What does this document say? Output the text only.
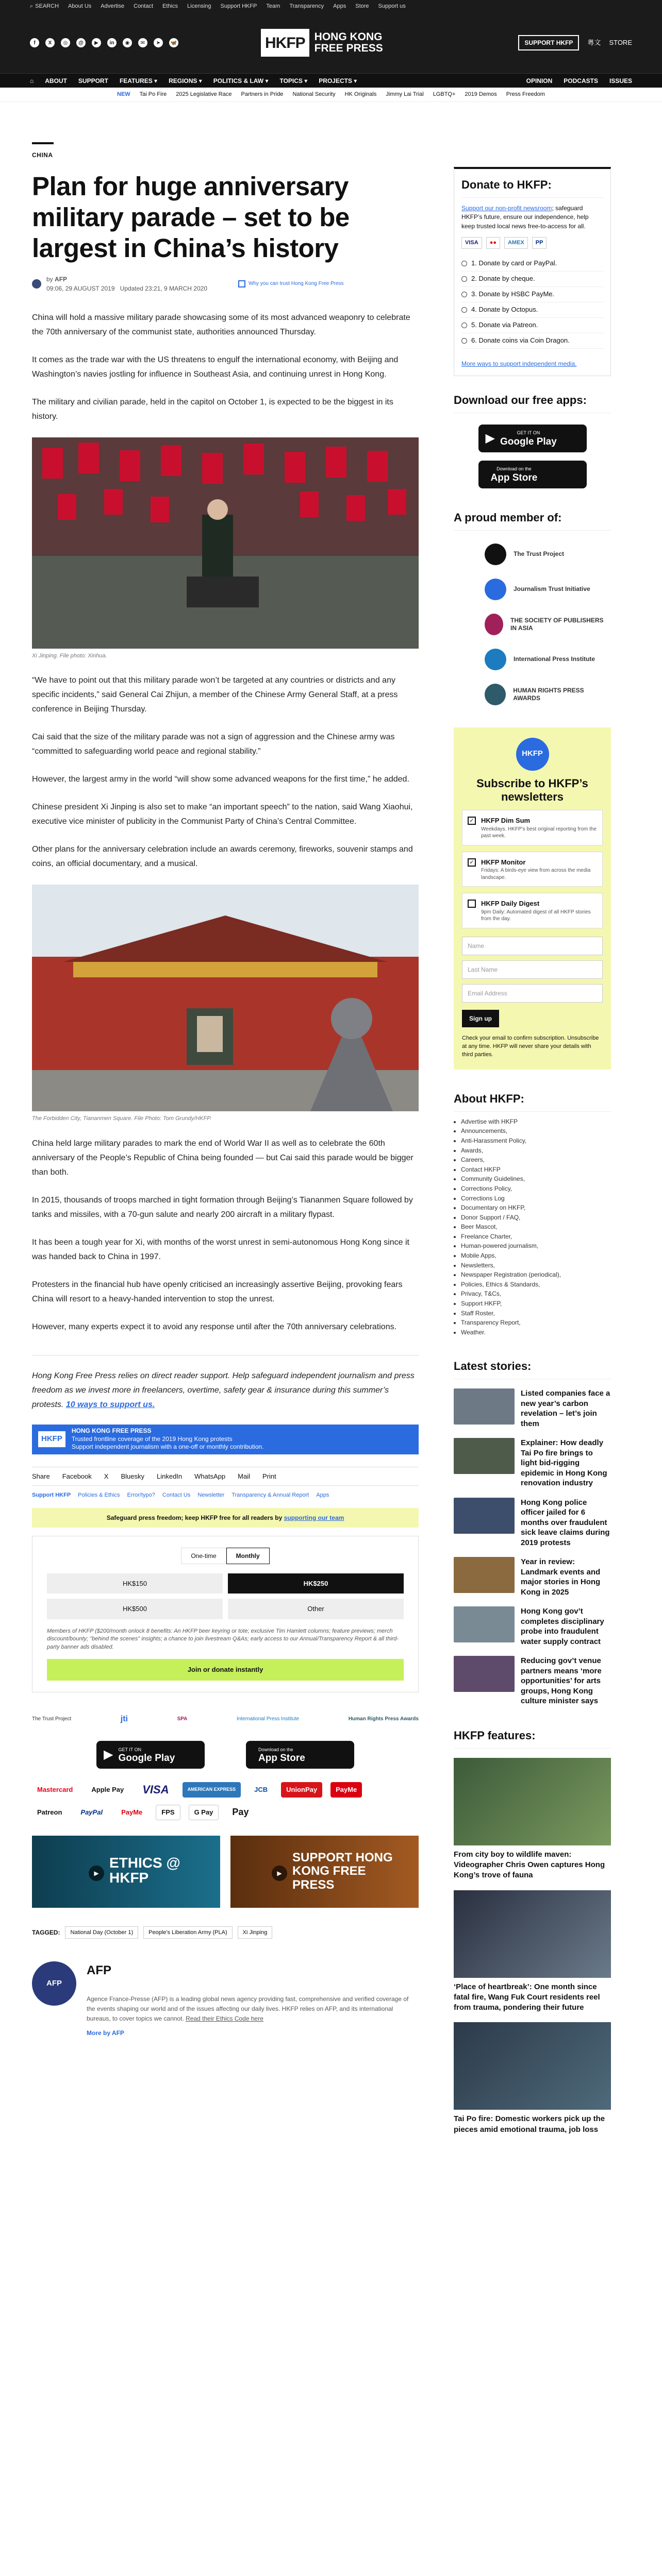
⌕ SEARCH About Us Advertise Contact Ethics Licensing Support HKFP Team Transparency Apps Store Support us
f	X	◎	@	▶	in	◉	✉	➤	🦋	HKFP HONG KONG
FREE PRESS	SUPPORT HKFP	粵文 STORE
⌂ ABOUT SUPPORT FEATURES ▾ REGIONS ▾ POLITICS & LAW ▾ TOPICS ▾ PROJECTS ▾	OPINION PODCASTS ISSUES
NEW Tai Po Fire 2025 Legislative Race Partners in Pride National Security HK Originals Jimmy Lai Trial LGBTQ+ 2019 Demos Press Freedom
CHINA
Plan for huge anniversary military parade – set to be largest in China’s history
by AFP
09:06, 29 AUGUST 2019 Updated 23:21, 9 MARCH 2020
Why you can trust Hong Kong Free Press

China will hold a massive military parade showcasing some of its most advanced weaponry to celebrate the 70th anniversary of the communist state, authorities announced Thursday.

It comes as the trade war with the US threatens to engulf the international economy, with Beijing and Washington’s navies jostling for influence in Southeast Asia, and continuing unrest in Hong Kong.

The military and civilian parade, held in the capitol on October 1, is expected to be the biggest in its history.

Xi Jinping. File photo: Xinhua.

“We have to point out that this military parade won’t be targeted at any countries or districts and any specific incidents,” said General Cai Zhijun, a member of the Chinese Army General Staff, at a press conference in Beijing Thursday.

Cai said that the size of the military parade was not a sign of aggression and the Chinese army was “committed to safeguarding world peace and regional stability.”

However, the largest army in the world “will show some advanced weapons for the first time,” he added.

Chinese president Xi Jinping is also set to make “an important speech” to the nation, said Wang Xiaohui, executive vice minister of publicity in the Communist Party of China’s Central Committee.

Other plans for the anniversary celebration include an awards ceremony, fireworks, souvenir stamps and coins, an official documentary, and a musical.

The Forbidden City, Tiananmen Square. File Photo: Tom Grundy/HKFP.

China held large military parades to mark the end of World War II as well as to celebrate the 60th anniversary of the People’s Republic of China being founded — but Cai said this parade would be bigger than both.

In 2015, thousands of troops marched in tight formation through Beijing’s Tiananmen Square followed by tanks and missiles, with a 70-gun salute and nearly 200 aircraft in a military flypast.

It has been a tough year for Xi, with months of the worst unrest in semi-autonomous Hong Kong since it was handed back to China in 1997.

Protesters in the financial hub have openly criticised an increasingly assertive Beijing, provoking fears China will resort to a heavy-handed intervention to stop the unrest.

However, many experts expect it to avoid any response until after the 70th anniversary celebrations.

Hong Kong Free Press relies on direct reader support. Help safeguard independent journalism and press freedom as we invest more in freelancers, overtime, safety gear & insurance during this summer’s protests. 10 ways to support us.

HKFP
HONG KONG FREE PRESS
Trusted frontline coverage of the 2019 Hong Kong protests
Support independent journalism with a one-off or monthly contribution.
Share Facebook X Bluesky LinkedIn WhatsApp Mail Print
Support HKFP Policies & Ethics Error/typo? Contact Us Newsletter Transparency & Annual Report Apps
Safeguard press freedom; keep HKFP free for all readers by supporting our team
One-time	Monthly
HK$150	HK$250
HK$500	Other
Members of HKFP ($200/month onlock 8 benefits: An HKFP beer keyring or tote; exclusive Tim Hamlett columns; feature previews; merch discount/bounty; "behind the scenes" insights; a chance to join livestream Q&As; early access to our Annual/Transparency Report & all third-party banner ads disabled.
Join or donate instantly
The Trust Project	jti	SPA	International Press Institute	Human Rights Press Awards
▶ GET IT ON
Google Play
Download on the
App Store
Mastercard	Apple Pay	VISA	AMERICAN EXPRESS	JCB	UnionPay	PayMe
Patreon	PayPal	PayMe	FPS	G Pay	Pay
ETHICS @ HKFP
▶
SUPPORT HONG KONG FREE PRESS
▶
TAGGED:	National Day (October 1)	People's Liberation Army (PLA)	Xi Jinping
AFP
AFP
Agence France-Presse (AFP) is a leading global news agency providing fast, comprehensive and verified coverage of the events shaping our world and of the issues affecting our daily lives. HKFP relies on AFP, and its international bureaus, to cover topics we cannot. Read their Ethics Code here
More by AFP
Donate to HKFP:
Support our non-profit newsroom; safeguard HKFP’s future, ensure our independence, help keep trusted local news free-to-access for all.
VISA	●●	AMEX	PP
1. Donate by card or PayPal.
2. Donate by cheque.
3. Donate by HSBC PayMe.
4. Donate by Octopus.
5. Donate via Patreon.
6. Donate coins via Coin Dragon.
More ways to support independent media.
Download our free apps:
▶	GET IT ON
Google Play
Download on the
App Store
A proud member of:
The Trust Project
Journalism Trust Initiative
THE SOCIETY OF PUBLISHERS IN ASIA
International Press Institute
HUMAN RIGHTS PRESS AWARDS
HKFP
Subscribe to HKFP’s newsletters
✓ HKFP Dim Sum
Weekdays. HKFP's best original reporting from the past week.
✓ HKFP Monitor
Fridays: A birds-eye view from across the media landscape.
HKFP Daily Digest
9pm Daily: Automated digest of all HKFP stories from the day.
Name
Last Name
Email Address
Sign up
Check your email to confirm subscription. Unsubscribe at any time. HKFP will never share your details with third parties.
About HKFP:
• Advertise with HKFP
• Announcements,
• Anti-Harassment Policy,
• Awards,
• Careers,
• Contact HKFP
• Community Guidelines,
• Corrections Policy,
• Corrections Log
• Documentary on HKFP,
• Donor Support / FAQ,
• Beer Mascot,
• Freelance Charter,
• Human-powered journalism,
• Mobile Apps,
• Newsletters,
• Newspaper Registration (periodical),
• Policies, Ethics & Standards,
• Privacy, T&Cs,
• Support HKFP,
• Staff Roster,
• Transparency Report,
• Weather.
Latest stories:
Listed companies face a new year’s carbon revelation – let’s join them
Explainer: How deadly Tai Po fire brings to light bid-rigging epidemic in Hong Kong renovation industry
Hong Kong police officer jailed for 6 months over fraudulent sick leave claims during 2019 protests
Year in review: Landmark events and major stories in Hong Kong in 2025
Hong Kong gov’t completes disciplinary probe into fraudulent water supply contract
Reducing gov’t venue partners means ‘more opportunities’ for arts groups, Hong Kong culture minister says
HKFP features:
From city boy to wildlife maven: Videographer Chris Owen captures Hong Kong’s trove of fauna
‘Place of heartbreak’: One month since fatal fire, Wang Fuk Court residents reel from trauma, pondering their future
Tai Po fire: Domestic workers pick up the pieces amid emotional trauma, job loss
